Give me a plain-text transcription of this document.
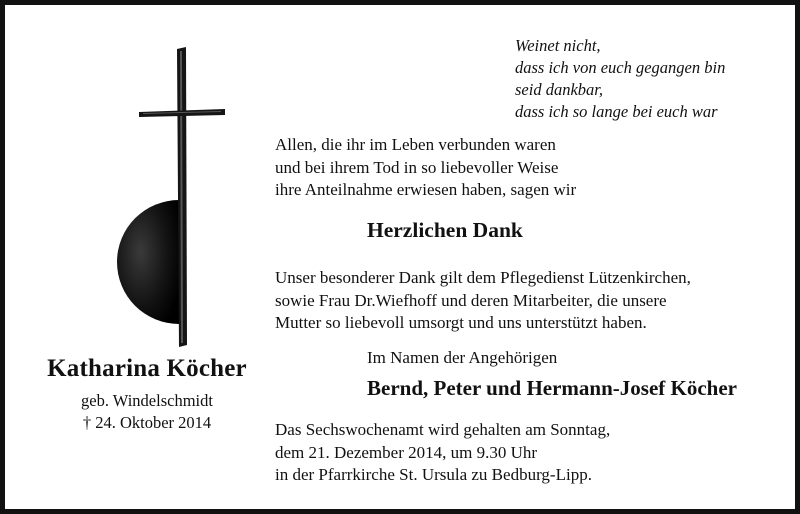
Katharina Köcher
geb. Windelschmidt
† 24. Oktober 2014
Weinet nicht,
dass ich von euch gegangen bin
seid dankbar,
dass ich so lange bei euch war
Allen, die ihr im Leben verbunden waren
und bei ihrem Tod in so liebevoller Weise
ihre Anteilnahme erwiesen haben, sagen wir
Herzlichen Dank
Unser besonderer Dank gilt dem Pflegedienst Lützenkirchen,
sowie Frau Dr.Wiefhoff und deren Mitarbeiter, die unsere
Mutter so liebevoll umsorgt und uns unterstützt haben.
Im Namen der Angehörigen
Bernd, Peter und Hermann-Josef Köcher
Das Sechswochenamt wird gehalten am Sonntag,
dem 21. Dezember 2014, um 9.30 Uhr
in der Pfarrkirche St. Ursula zu Bedburg-Lipp.
